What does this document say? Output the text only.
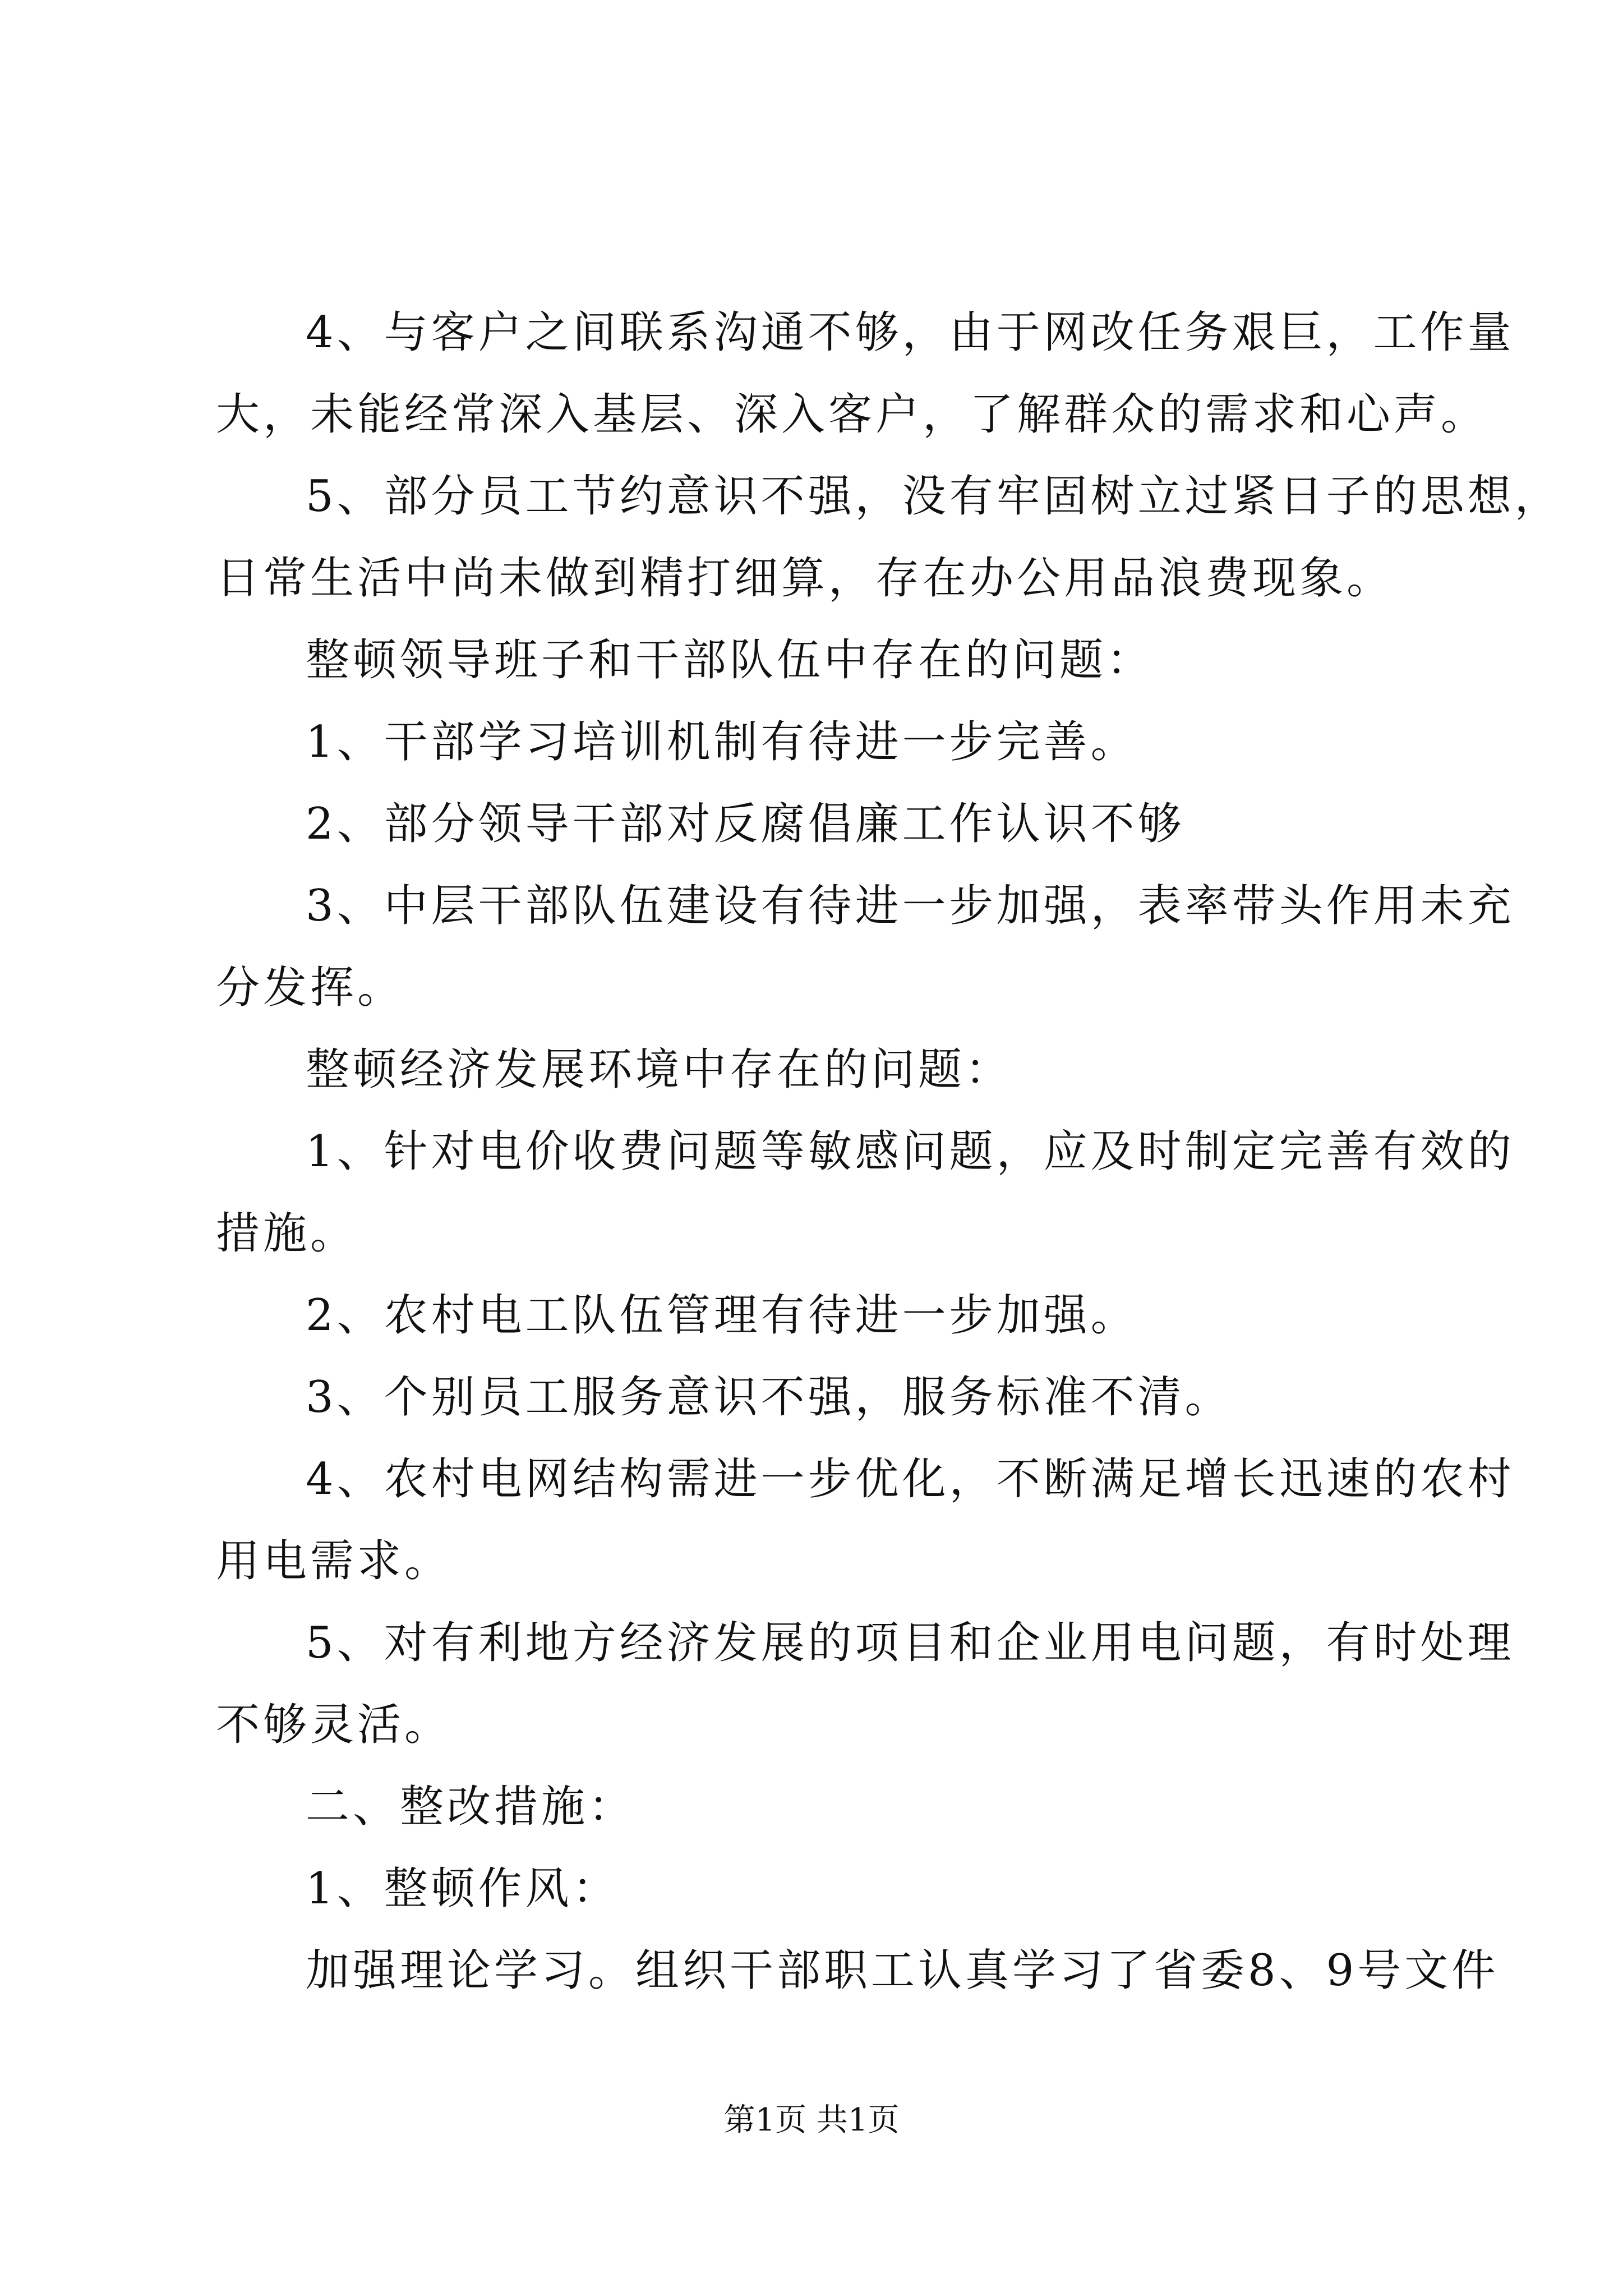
4、与客户之间联系沟通不够，由于网改任务艰巨，工作量
大，未能经常深入基层、深入客户，了解群众的需求和心声。
5、部分员工节约意识不强，没有牢固树立过紧日子的思想，
日常生活中尚未做到精打细算，存在办公用品浪费现象。
整顿领导班子和干部队伍中存在的问题：
1、干部学习培训机制有待进一步完善。
2、部分领导干部对反腐倡廉工作认识不够
3、中层干部队伍建设有待进一步加强，表率带头作用未充
分发挥。
整顿经济发展环境中存在的问题：
1、针对电价收费问题等敏感问题，应及时制定完善有效的
措施。
2、农村电工队伍管理有待进一步加强。
3、个别员工服务意识不强，服务标准不清。
4、农村电网结构需进一步优化，不断满足增长迅速的农村
用电需求。
5、对有利地方经济发展的项目和企业用电问题，有时处理
不够灵活。
二、整改措施：
1、整顿作风：
加强理论学习。组织干部职工认真学习了省委8、9号文件
第1页 共1页
